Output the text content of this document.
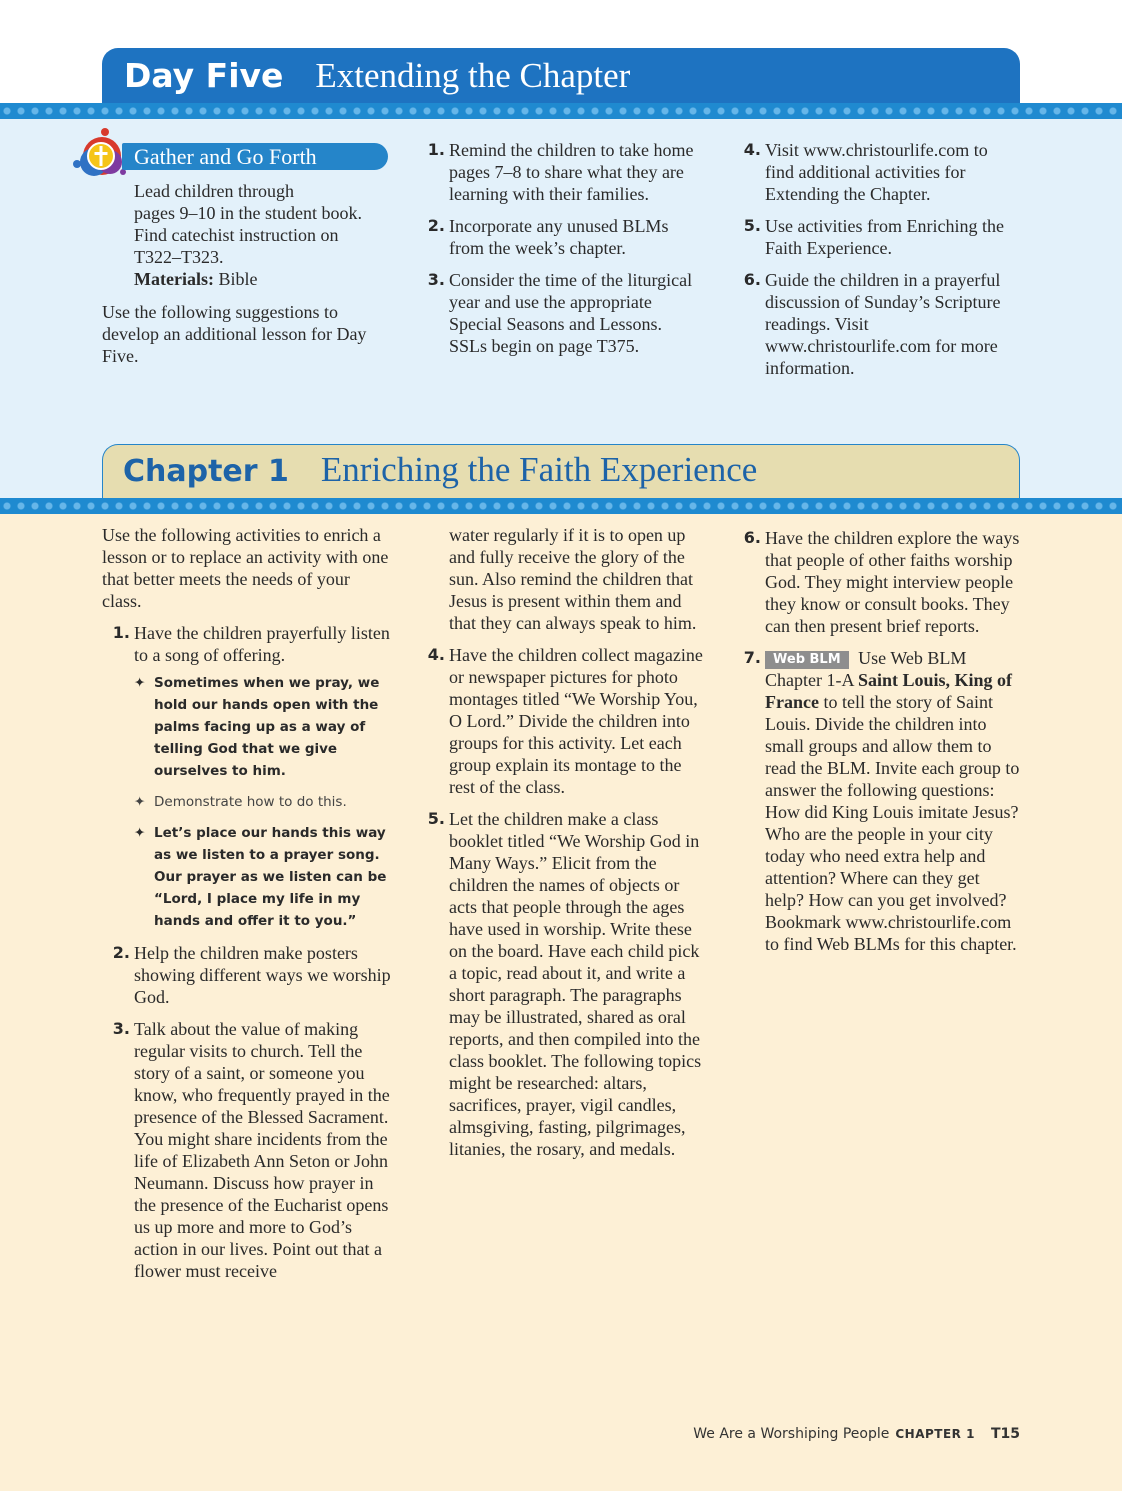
Day Five Extending the Chapter
Gather and Go Forth
Lead children through
pages 9–10 in the student book.
Find catechist instruction on
T322–T323.
Materials: Bible
Use the following suggestions to develop an additional lesson for Day Five.
1. Remind the children to take home pages 7–8 to share what they are learning with their families.
2. Incorporate any unused BLMs from the week’s chapter.
3. Consider the time of the liturgical year and use the appropriate Special Seasons and Lessons. SSLs begin on page T375.
4. Visit www.christourlife.com to find additional activities for Extending the Chapter.
5. Use activities from Enriching the Faith Experience.
6. Guide the children in a prayerful discussion of Sunday’s Scripture readings. Visit www.christourlife.com for more information.
Chapter 1 Enriching the Faith Experience
Use the following activities to enrich a lesson or to replace an activity with one that better meets the needs of your class.
1. Have the children prayerfully listen to a song of offering.
✦ Sometimes when we pray, we hold our hands open with the palms facing up as a way of telling God that we give ourselves to him.
✦ Demonstrate how to do this.
✦ Let’s place our hands this way as we listen to a prayer song. Our prayer as we listen can be “Lord, I place my life in my hands and offer it to you.”
2. Help the children make posters showing different ways we worship God.
3. Talk about the value of making regular visits to church. Tell the story of a saint, or someone you know, who frequently prayed in the presence of the Blessed Sacrament. You might share incidents from the life of Elizabeth Ann Seton or John Neumann. Discuss how prayer in the presence of the Eucharist opens us up more and more to God’s action in our lives. Point out that a flower must receive
water regularly if it is to open up and fully receive the glory of the sun. Also remind the children that Jesus is present within them and that they can always speak to him.
4. Have the children collect magazine or newspaper pictures for photo montages titled “We Worship You, O Lord.” Divide the children into groups for this activity. Let each group explain its montage to the rest of the class.
5. Let the children make a class booklet titled “We Worship God in Many Ways.” Elicit from the children the names of objects or acts that people through the ages have used in worship. Write these on the board. Have each child pick a topic, read about it, and write a short paragraph. The paragraphs may be illustrated, shared as oral reports, and then compiled into the class booklet. The following topics might be researched: altars, sacrifices, prayer, vigil candles, almsgiving, fasting, pilgrimages, litanies, the rosary, and medals.
6. Have the children explore the ways that people of other faiths worship God. They might interview people they know or consult books. They can then present brief reports.
7. Web BLM Use Web BLM Chapter 1-A Saint Louis, King of France to tell the story of Saint Louis. Divide the children into small groups and allow them to read the BLM. Invite each group to answer the following questions: How did King Louis imitate Jesus? Who are the people in your city today who need extra help and attention? Where can they get help? How can you get involved? Bookmark www.christourlife.com to find Web BLMs for this chapter.
We Are a Worshiping People CHAPTER 1 T15
